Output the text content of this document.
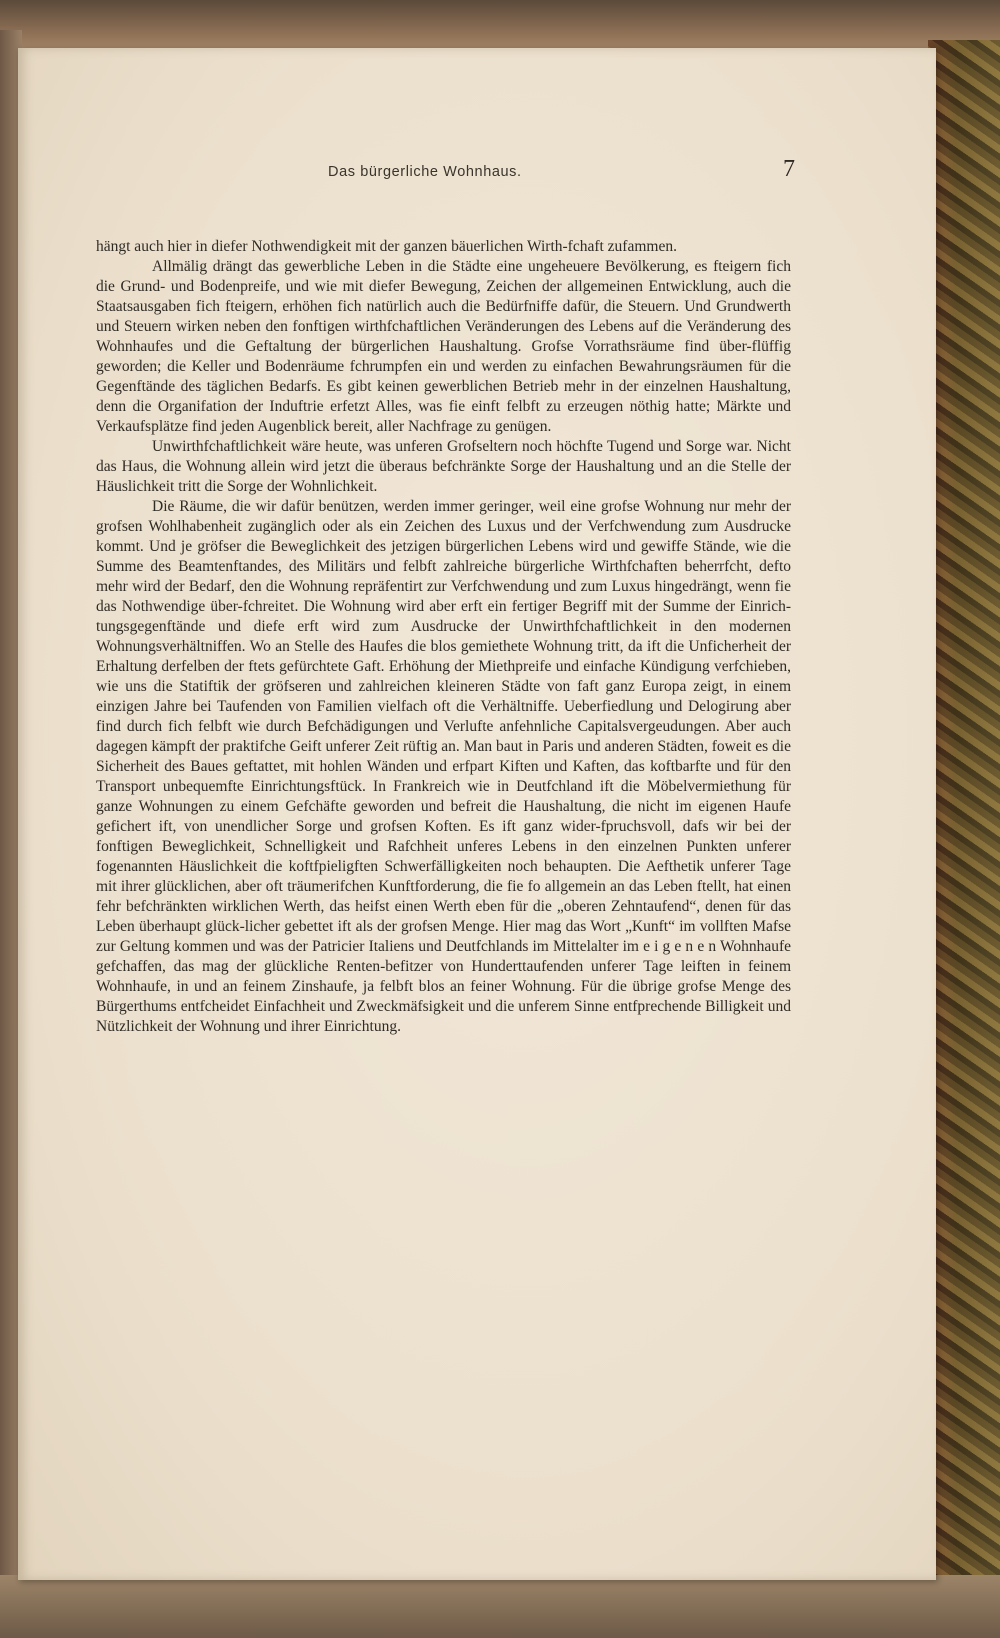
Das bürgerliche Wohnhaus.	7

hängt auch hier in diefer Nothwendigkeit mit der ganzen bäuerlichen Wirth-fchaft zufammen.

Allmälig drängt das gewerbliche Leben in die Städte eine ungeheuere Bevölkerung, es fteigern fich die Grund- und Bodenpreife, und wie mit diefer Bewegung, Zeichen der allgemeinen Entwicklung, auch die Staatsausgaben fich fteigern, erhöhen fich natürlich auch die Bedürfniffe dafür, die Steuern. Und Grundwerth und Steuern wirken neben den fonftigen wirthfchaftlichen Veränderungen des Lebens auf die Veränderung des Wohnhaufes und die Geftaltung der bürgerlichen Haushaltung. Grofse Vorrathsräume find über-flüffig geworden; die Keller und Bodenräume fchrumpfen ein und werden zu einfachen Bewahrungsräumen für die Gegenftände des täglichen Bedarfs. Es gibt keinen gewerblichen Betrieb mehr in der einzelnen Haushaltung, denn die Organifation der Induftrie erfetzt Alles, was fie einft felbft zu erzeugen nöthig hatte; Märkte und Verkaufsplätze find jeden Augenblick bereit, aller Nachfrage zu genügen.

Unwirthfchaftlichkeit wäre heute, was unferen Grofseltern noch höchfte Tugend und Sorge war. Nicht das Haus, die Wohnung allein wird jetzt die überaus befchränkte Sorge der Haushaltung und an die Stelle der Häuslichkeit tritt die Sorge der Wohnlichkeit.

Die Räume, die wir dafür benützen, werden immer geringer, weil eine grofse Wohnung nur mehr der grofsen Wohlhabenheit zugänglich oder als ein Zeichen des Luxus und der Verfchwendung zum Ausdrucke kommt. Und je gröfser die Beweglichkeit des jetzigen bürgerlichen Lebens wird und gewiffe Stände, wie die Summe des Beamtenftandes, des Militärs und felbft zahlreiche bürgerliche Wirthfchaften beherrfcht, defto mehr wird der Bedarf, den die Wohnung repräfentirt zur Verfchwendung und zum Luxus hingedrängt, wenn fie das Nothwendige über-fchreitet. Die Wohnung wird aber erft ein fertiger Begriff mit der Summe der Einrich-tungsgegenftände und diefe erft wird zum Ausdrucke der Unwirthfchaftlichkeit in den modernen Wohnungsverhältniffen. Wo an Stelle des Haufes die blos gemiethete Wohnung tritt, da ift die Unficherheit der Erhaltung derfelben der ftets gefürchtete Gaft. Erhöhung der Miethpreife und einfache Kündigung verfchieben, wie uns die Statiftik der gröfseren und zahlreichen kleineren Städte von faft ganz Europa zeigt, in einem einzigen Jahre bei Taufenden von Familien vielfach oft die Verhältniffe. Ueberfiedlung und Delogirung aber find durch fich felbft wie durch Befchädigungen und Verlufte anfehnliche Capitalsvergeudungen. Aber auch dagegen kämpft der praktifche Geift unferer Zeit rüftig an. Man baut in Paris und anderen Städten, foweit es die Sicherheit des Baues geftattet, mit hohlen Wänden und erfpart Kiften und Kaften, das koftbarfte und für den Transport unbequemfte Einrichtungsftück. In Frankreich wie in Deutfchland ift die Möbelvermiethung für ganze Wohnungen zu einem Gefchäfte geworden und befreit die Haushaltung, die nicht im eigenen Haufe gefichert ift, von unendlicher Sorge und grofsen Koften. Es ift ganz wider-fpruchsvoll, dafs wir bei der fonftigen Beweglichkeit, Schnelligkeit und Rafchheit unferes Lebens in den einzelnen Punkten unferer fogenannten Häuslichkeit die koftfpieligften Schwerfälligkeiten noch behaupten. Die Aefthetik unferer Tage mit ihrer glücklichen, aber oft träumerifchen Kunftforderung, die fie fo allgemein an das Leben ftellt, hat einen fehr befchränkten wirklichen Werth, das heifst einen Werth eben für die „oberen Zehntaufend“, denen für das Leben überhaupt glück-licher gebettet ift als der grofsen Menge. Hier mag das Wort „Kunft“ im vollften Mafse zur Geltung kommen und was der Patricier Italiens und Deutfchlands im Mittelalter im e i g e n e n Wohnhaufe gefchaffen, das mag der glückliche Renten-befitzer von Hunderttaufenden unferer Tage leiften in feinem Wohnhaufe, in und an feinem Zinshaufe, ja felbft blos an feiner Wohnung. Für die übrige grofse Menge des Bürgerthums entfcheidet Einfachheit und Zweckmäfsigkeit und die unferem Sinne entfprechende Billigkeit und Nützlichkeit der Wohnung und ihrer Einrichtung.
